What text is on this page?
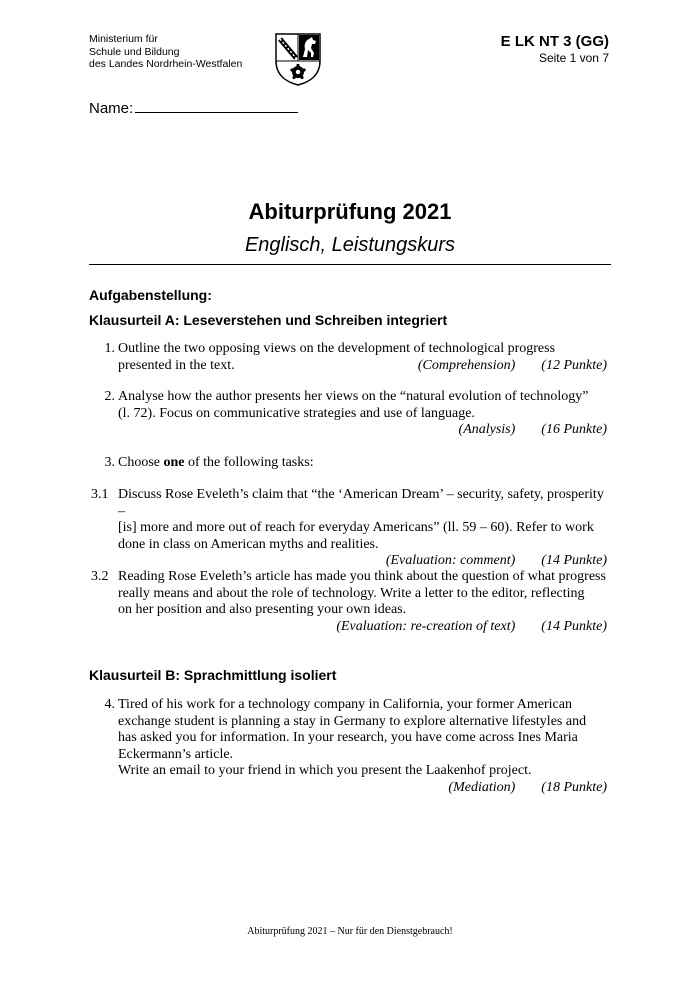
Ministerium für
Schule und Bildung
des Landes Nordrhein-Westfalen
E LK NT 3 (GG)
Seite 1 von 7
Name:
Abiturprüfung 2021
Englisch, Leistungskurs
Aufgabenstellung:
Klausurteil A: Leseverstehen und Schreiben integriert
1. Outline the two opposing views on the development of technological progress
presented in the text.	(Comprehension) (12 Punkte)
2. Analyse how the author presents her views on the “natural evolution of technology”
(l. 72). Focus on communicative strategies and use of language.
(Analysis) (16 Punkte)
3. Choose one of the following tasks:
3.1 Discuss Rose Eveleth’s claim that “the ‘American Dream’ – security, safety, prosperity –
[is] more and more out of reach for everyday Americans” (ll. 59 – 60). Refer to work
done in class on American myths and realities.
(Evaluation: comment) (14 Punkte)
3.2 Reading Rose Eveleth’s article has made you think about the question of what progress
really means and about the role of technology. Write a letter to the editor, reflecting
on her position and also presenting your own ideas.
(Evaluation: re-creation of text) (14 Punkte)
Klausurteil B: Sprachmittlung isoliert
4. Tired of his work for a technology company in California, your former American
exchange student is planning a stay in Germany to explore alternative lifestyles and
has asked you for information. In your research, you have come across Ines Maria
Eckermann’s article.
Write an email to your friend in which you present the Laakenhof project.
(Mediation) (18 Punkte)
Abiturprüfung 2021 – Nur für den Dienstgebrauch!
